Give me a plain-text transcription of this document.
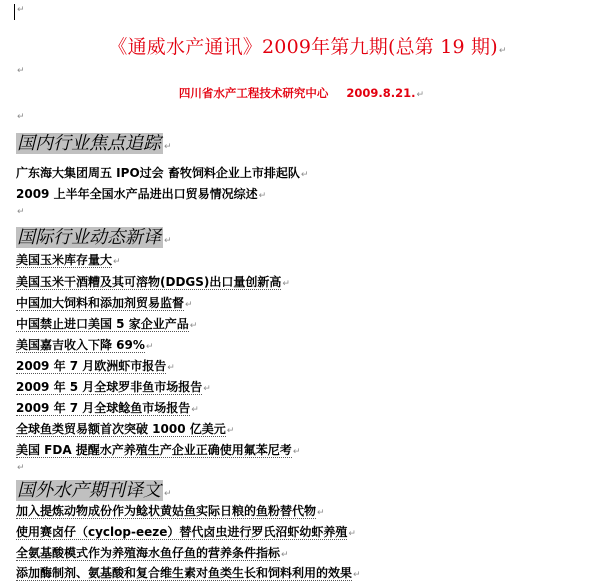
↵
《通威水产通讯》2009年第九期(总第 19 期)↵
↵
四川省水产工程技术研究中心 2009.8.21.↵
↵
国内行业焦点追踪 ↵
广东海大集团周五 IPO过会 畜牧饲料企业上市排起队↵
2009 上半年全国水产品进出口贸易情况综述↵
↵
国际行业动态新译 ↵
美国玉米库存量大↵
美国玉米干酒糟及其可溶物(DDGS)出口量创新高↵
中国加大饲料和添加剂贸易监督↵
中国禁止进口美国 5 家企业产品↵
美国嘉吉收入下降 69%↵
2009 年 7 月欧洲虾市报告↵
2009 年 5 月全球罗非鱼市场报告↵
2009 年 7 月全球鲶鱼市场报告↵
全球鱼类贸易额首次突破 1000 亿美元↵
美国 FDA 提醒水产养殖生产企业正确使用氟苯尼考↵
↵
国外水产期刊译文 ↵
加入提炼动物成份作为鲶状黄姑鱼实际日粮的鱼粉替代物↵
使用赛卤仔（cyclop-eeze）替代卤虫进行罗氏沼虾幼虾养殖↵
全氨基酸模式作为养殖海水鱼仔鱼的营养条件指标↵
添加酶制剂、氨基酸和复合维生素对鱼类生长和饲料利用的效果↵
